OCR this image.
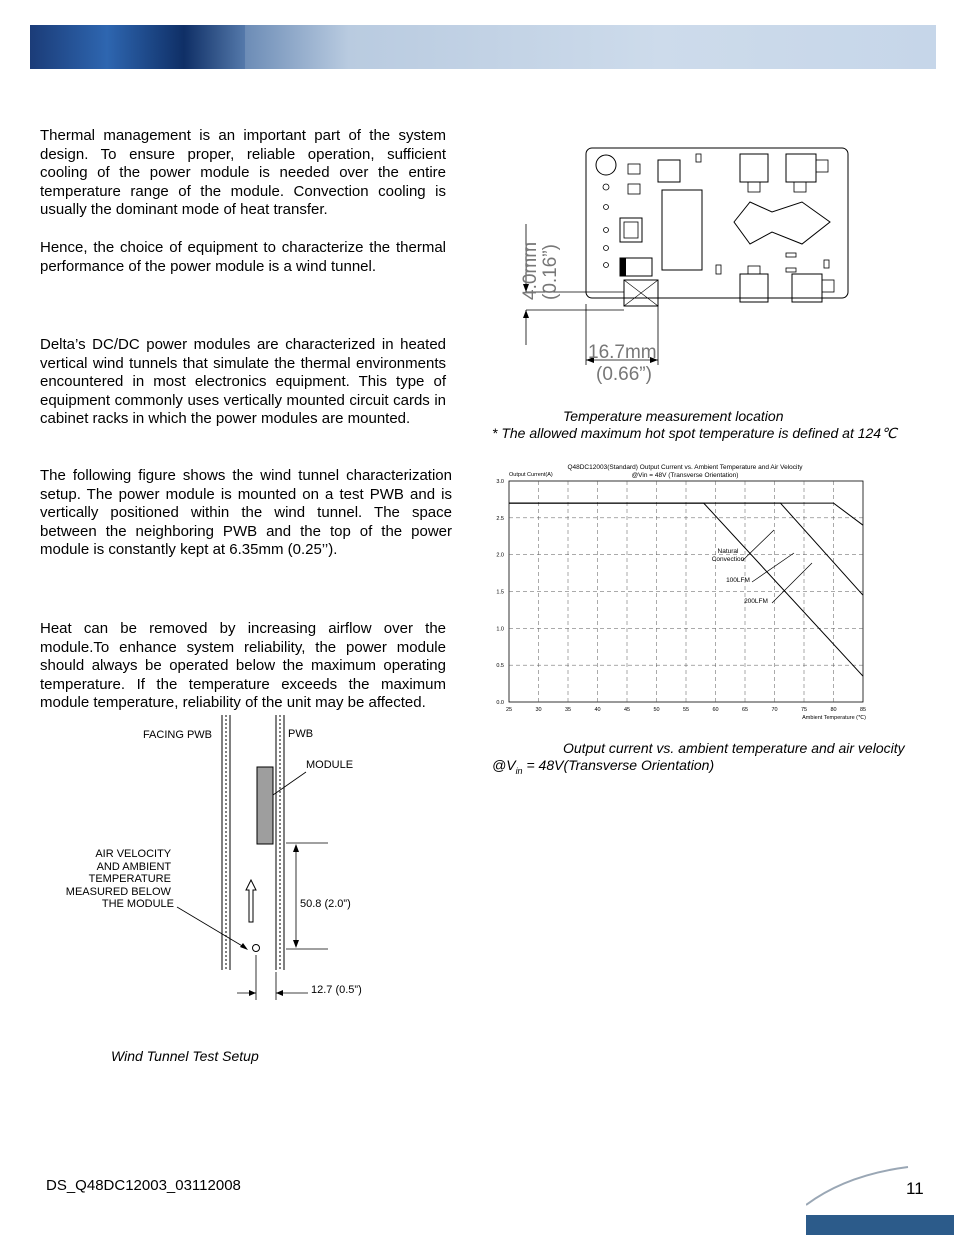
Thermal management is an important part of the system design. To ensure proper, reliable operation, sufficient cooling of the power module is needed over the entire temperature range of the module. Convection cooling is usually the dominant mode of heat transfer.

Hence, the choice of equipment to characterize the thermal performance of the power module is a wind tunnel.

Delta’s DC/DC power modules are characterized in heated vertical wind tunnels that simulate the thermal environments encountered in most electronics equipment. This type of equipment commonly uses vertically mounted circuit cards in cabinet racks in which the power modules are mounted.

The following figure shows the wind tunnel characterization setup. The power module is mounted on a test PWB and is vertically positioned within the wind tunnel. The space between the neighboring PWB and the top of the power module is constantly kept at 6.35mm (0.25’’).

Heat can be removed by increasing airflow over the module.To enhance system reliability, the power module should always be operated below the maximum operating temperature. If the temperature exceeds the maximum module temperature, reliability of the unit may be affected.

FACING PWB	PWB
MODULE
AIR VELOCITY AND AMBIENT TEMPERATURE MEASURED BELOW THE MODULE	50.8 (2.0”)
12.7 (0.5”)
Wind Tunnel Test Setup
4.0mm (0.16”)
16.7mm
(0.66”)
Temperature measurement location
* The allowed maximum hot spot temperature is defined at 124℃
Q48DC12003(Standard) Output Current vs. Ambient Temperature and Air Velocity
@Vin = 48V (Transverse Orientation)
Output Current(A)
Ambient Temperature (℃)
25	30	35	40	45	50	55	60	65	70	75	80	85
0.0
0.5
1.0
1.5
2.0
2.5
3.0
Natural
Convection
100LFM
200LFM
Output current vs. ambient temperature and air velocity
$@V_{in}$ = 48V(Transverse Orientation)
DS_Q48DC12003_03112008	11
